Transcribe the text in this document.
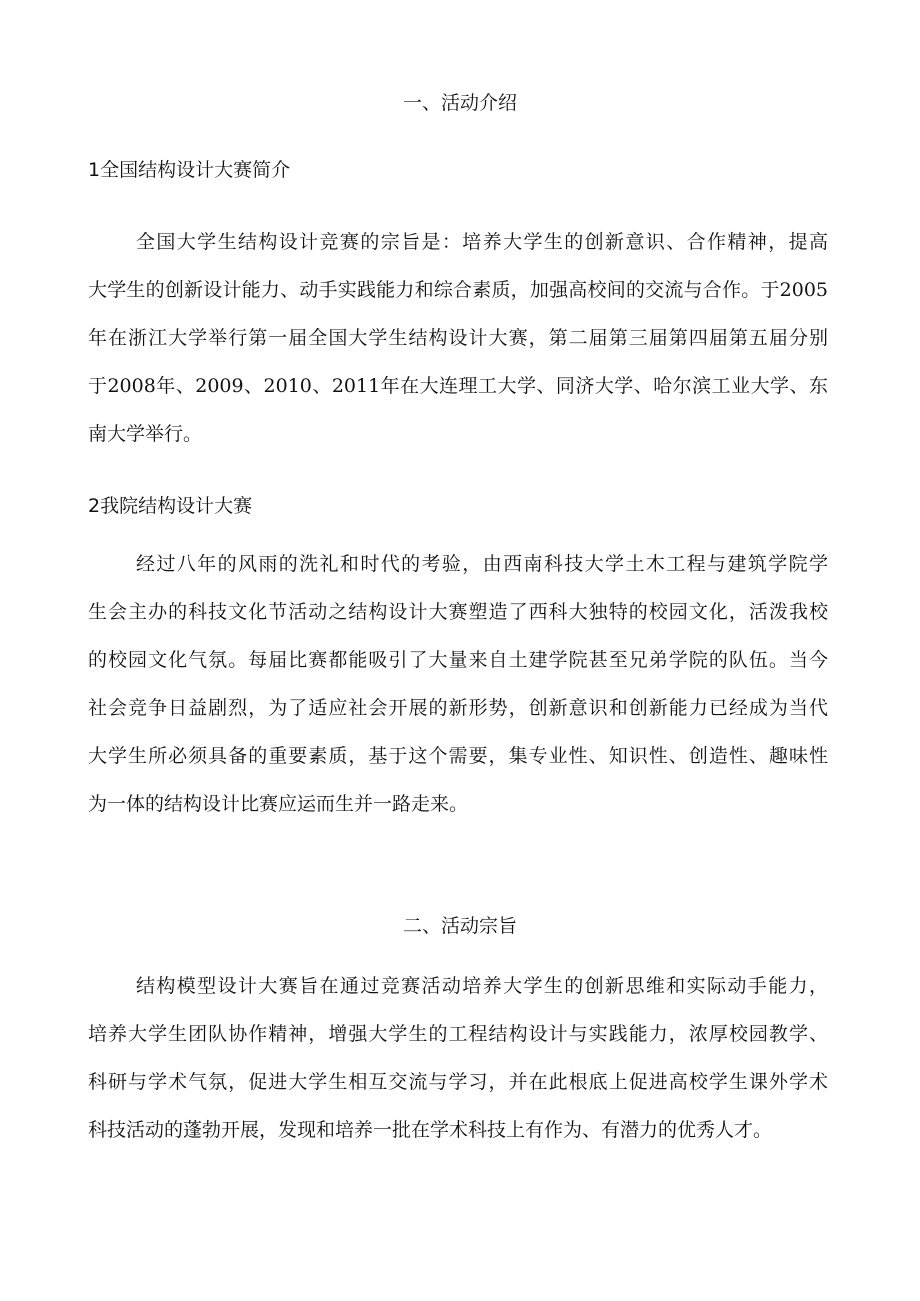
一、活动介绍
1全国结构设计大赛简介
全国大学生结构设计竞赛的宗旨是：培养大学生的创新意识、合作精神，提高
大学生的创新设计能力、动手实践能力和综合素质，加强高校间的交流与合作。于2005
年在浙江大学举行第一届全国大学生结构设计大赛，第二届第三届第四届第五届分别
于2008年、2009、2010、2011年在大连理工大学、同济大学、哈尔滨工业大学、东
南大学举行。
2我院结构设计大赛
经过八年的风雨的洗礼和时代的考验，由西南科技大学土木工程与建筑学院学
生会主办的科技文化节活动之结构设计大赛塑造了西科大独特的校园文化，活泼我校
的校园文化气氛。每届比赛都能吸引了大量来自土建学院甚至兄弟学院的队伍。当今
社会竞争日益剧烈，为了适应社会开展的新形势，创新意识和创新能力已经成为当代
大学生所必须具备的重要素质，基于这个需要，集专业性、知识性、创造性、趣味性
为一体的结构设计比赛应运而生并一路走来。
二、活动宗旨
结构模型设计大赛旨在通过竞赛活动培养大学生的创新思维和实际动手能力，
培养大学生团队协作精神，增强大学生的工程结构设计与实践能力，浓厚校园教学、
科研与学术气氛，促进大学生相互交流与学习，并在此根底上促进高校学生课外学术
科技活动的蓬勃开展，发现和培养一批在学术科技上有作为、有潜力的优秀人才。
